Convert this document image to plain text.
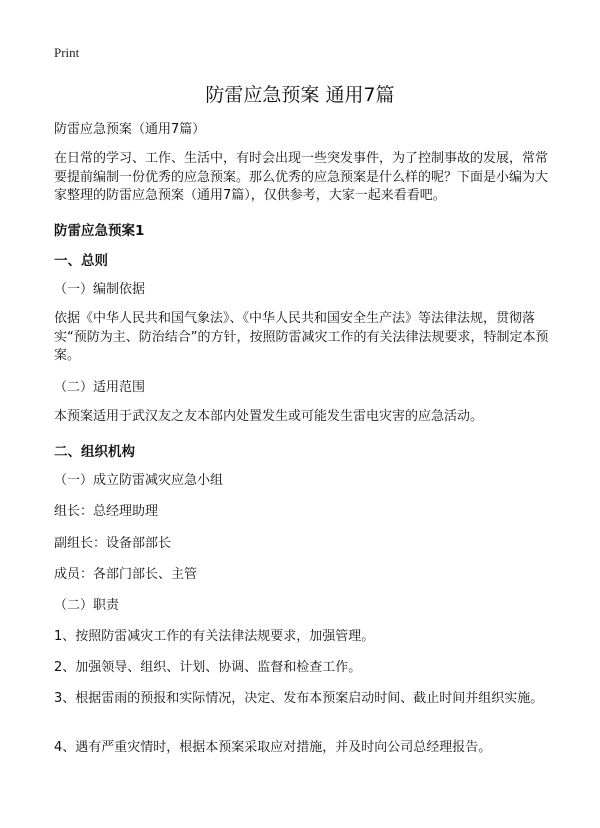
Print
防雷应急预案 通用7篇
防雷应急预案（通用7篇）
在日常的学习、工作、生活中，有时会出现一些突发事件，为了控制事故的发展，常常要提前编制一份优秀的应急预案。那么优秀的应急预案是什么样的呢？下面是小编为大家整理的防雷应急预案（通用7篇），仅供参考，大家一起来看看吧。
防雷应急预案1
一、总则
（一）编制依据
依据《中华人民共和国气象法》、《中华人民共和国安全生产法》等法律法规，贯彻落实“预防为主、防治结合”的方针，按照防雷减灾工作的有关法律法规要求，特制定本预案。
（二）适用范围
本预案适用于武汉友之友本部内处置发生或可能发生雷电灾害的应急活动。
二、组织机构
（一）成立防雷减灾应急小组
组长：总经理助理
副组长：设备部部长
成员：各部门部长、主管
（二）职责
1、按照防雷减灾工作的有关法律法规要求，加强管理。
2、加强领导、组织、计划、协调、监督和检查工作。
3、根据雷雨的预报和实际情况，决定、发布本预案启动时间、截止时间并组织实施。
4、遇有严重灾情时，根据本预案采取应对措施，并及时向公司总经理报告。
